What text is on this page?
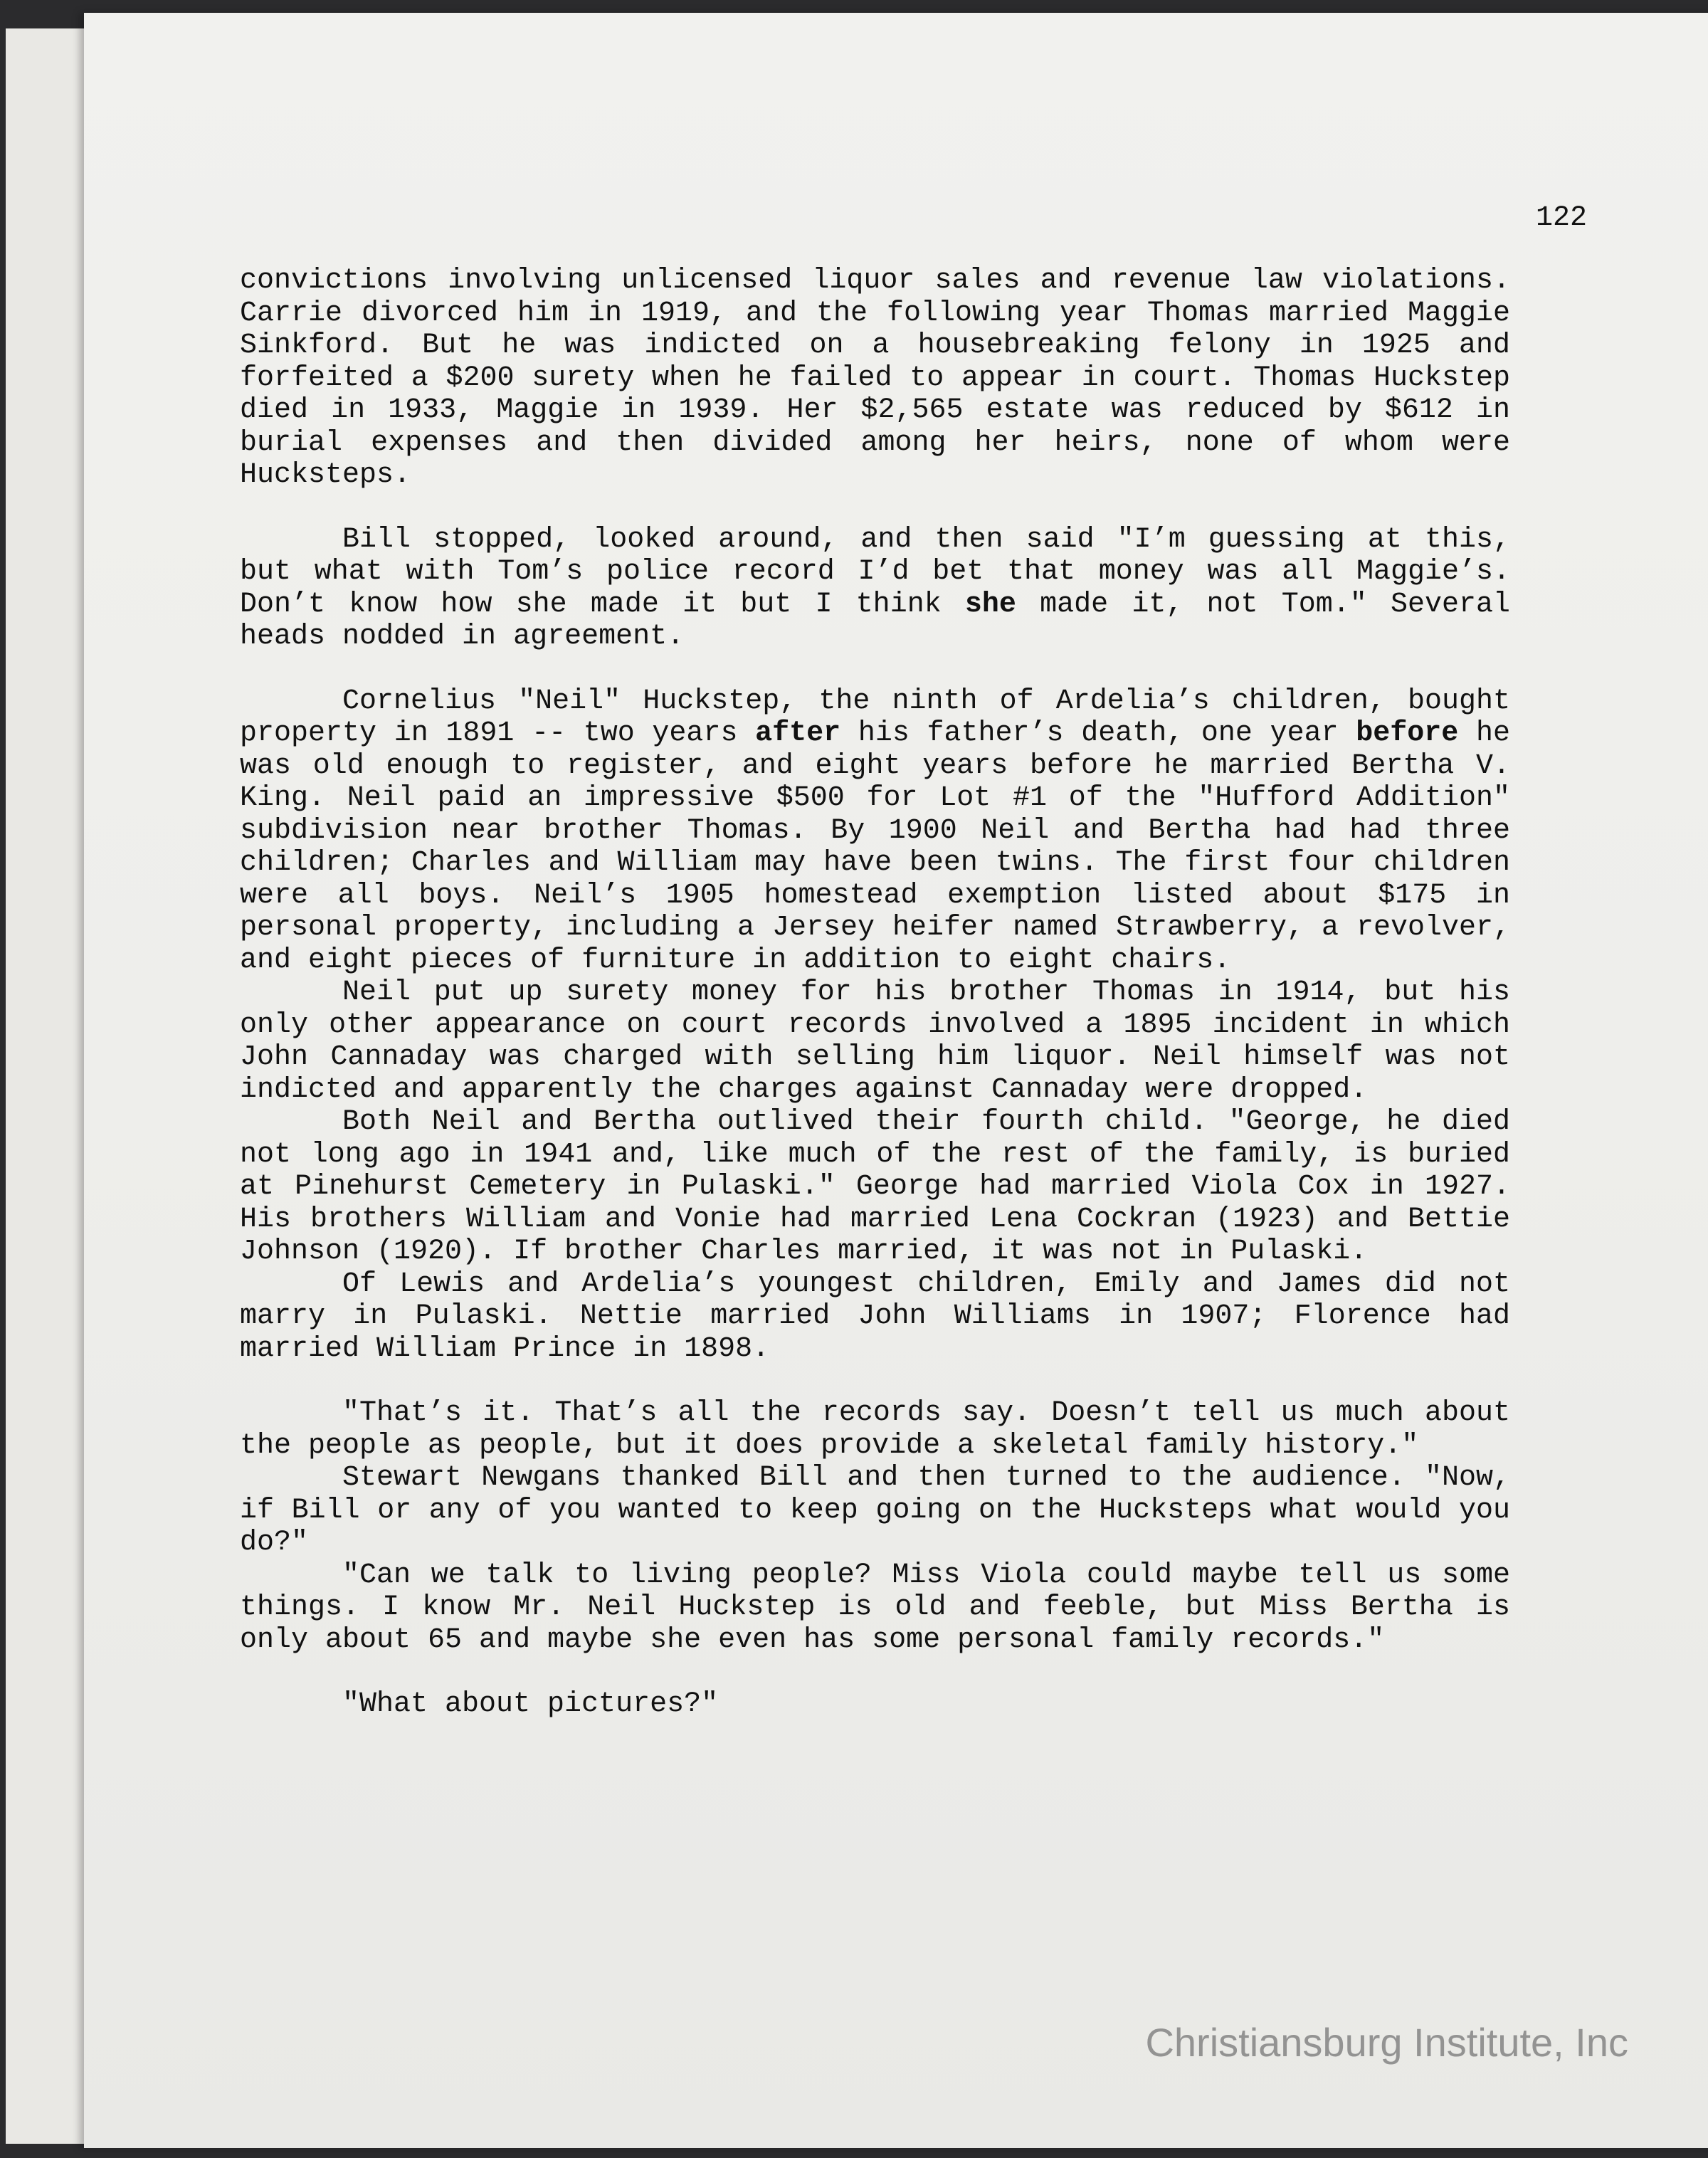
122

convictions involving unlicensed liquor sales and revenue law violations. Carrie divorced him in 1919, and the following year Thomas married Maggie Sinkford. But he was indicted on a housebreaking felony in 1925 and forfeited a $200 surety when he failed to appear in court. Thomas Huckstep died in 1933, Maggie in 1939. Her $2,565 estate was reduced by $612 in burial expenses and then divided among her heirs, none of whom were Hucksteps.

Bill stopped, looked around, and then said "I’m guessing at this, but what with Tom’s police record I’d bet that money was all Maggie’s. Don’t know how she made it but I think she made it, not Tom." Several heads nodded in agreement.

Cornelius "Neil" Huckstep, the ninth of Ardelia’s children, bought property in 1891 -- two years after his father’s death, one year before he was old enough to register, and eight years before he married Bertha V. King. Neil paid an impressive $500 for Lot #1 of the "Hufford Addition" subdivision near brother Thomas. By 1900 Neil and Bertha had had three children; Charles and William may have been twins. The first four children were all boys. Neil’s 1905 homestead exemption listed about $175 in personal property, including a Jersey heifer named Strawberry, a revolver, and eight pieces of furniture in addition to eight chairs.

Neil put up surety money for his brother Thomas in 1914, but his only other appearance on court records involved a 1895 incident in which John Cannaday was charged with selling him liquor. Neil himself was not indicted and apparently the charges against Cannaday were dropped.

Both Neil and Bertha outlived their fourth child. "George, he died not long ago in 1941 and, like much of the rest of the family, is buried at Pinehurst Cemetery in Pulaski." George had married Viola Cox in 1927. His brothers William and Vonie had married Lena Cockran (1923) and Bettie Johnson (1920). If brother Charles married, it was not in Pulaski.

Of Lewis and Ardelia’s youngest children, Emily and James did not marry in Pulaski. Nettie married John Williams in 1907; Florence had married William Prince in 1898.

"That’s it. That’s all the records say. Doesn’t tell us much about the people as people, but it does provide a skeletal family history."

Stewart Newgans thanked Bill and then turned to the audience. "Now, if Bill or any of you wanted to keep going on the Hucksteps what would you do?"

"Can we talk to living people? Miss Viola could maybe tell us some things. I know Mr. Neil Huckstep is old and feeble, but Miss Bertha is only about 65 and maybe she even has some personal family records."

"What about pictures?"

Christiansburg Institute, Inc
